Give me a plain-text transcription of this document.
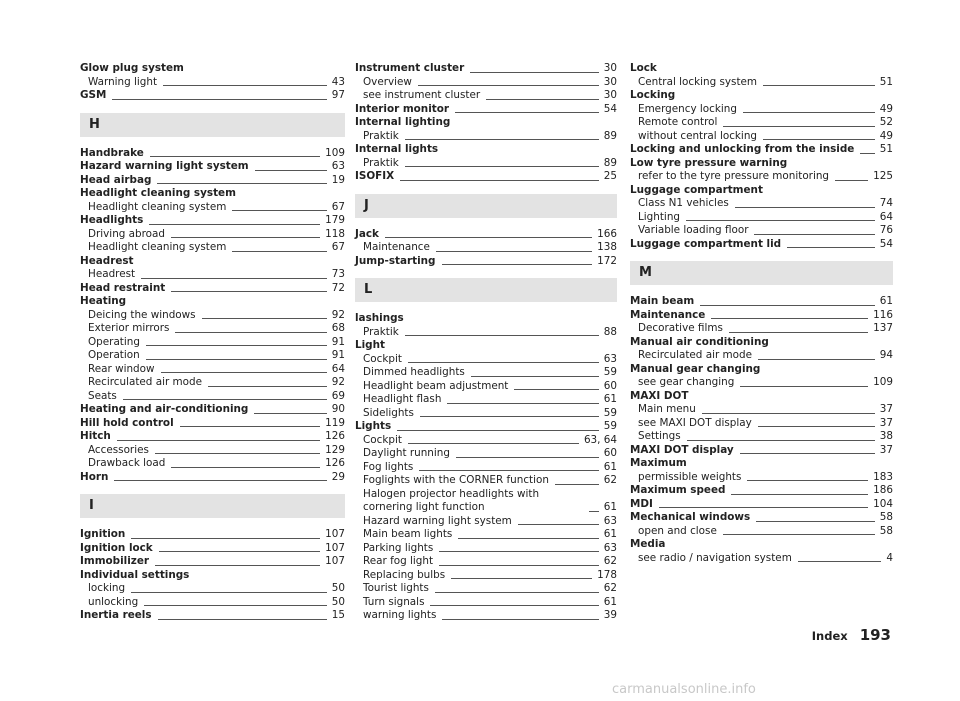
Glow plug system
Warning light	43
GSM	97
H
Handbrake	109
Hazard warning light system	63
Head airbag	19
Headlight cleaning system
Headlight cleaning system	67
Headlights	179
Driving abroad	118
Headlight cleaning system	67
Headrest
Headrest	73
Head restraint	72
Heating
Deicing the windows	92
Exterior mirrors	68
Operating	91
Operation	91
Rear window	64
Recirculated air mode	92
Seats	69
Heating and air-conditioning	90
Hill hold control	119
Hitch	126
Accessories	129
Drawback load	126
Horn	29
I
Ignition	107
Ignition lock	107
Immobilizer	107
Individual settings
locking	50
unlocking	50
Inertia reels	15
Instrument cluster	30
Overview	30
see instrument cluster	30
Interior monitor	54
Internal lighting
Praktik	89
Internal lights
Praktik	89
ISOFIX	25
J
Jack	166
Maintenance	138
Jump-starting	172
L
lashings
Praktik	88
Light
Cockpit	63
Dimmed headlights	59
Headlight beam adjustment	60
Headlight flash	61
Sidelights	59
Lights	59
Cockpit	63, 64
Daylight running	60
Fog lights	61
Foglights with the CORNER function	62
Halogen projector headlights with cornering light function	61
Hazard warning light system	63
Main beam lights	61
Parking lights	63
Rear fog light	62
Replacing bulbs	178
Tourist lights	62
Turn signals	61
warning lights	39
Lock
Central locking system	51
Locking
Emergency locking	49
Remote control	52
without central locking	49
Locking and unlocking from the inside 51
Low tyre pressure warning
refer to the tyre pressure monitoring	125
Luggage compartment
Class N1 vehicles	74
Lighting	64
Variable loading floor	76
Luggage compartment lid	54
M
Main beam	61
Maintenance	116
Decorative films	137
Manual air conditioning
Recirculated air mode	94
Manual gear changing
see gear changing	109
MAXI DOT
Main menu	37
see MAXI DOT display	37
Settings	38
MAXI DOT display	37
Maximum
permissible weights	183
Maximum speed	186
MDI	104
Mechanical windows	58
open and close	58
Media
see radio / navigation system	4
Index 193
carmanualsonline.info
